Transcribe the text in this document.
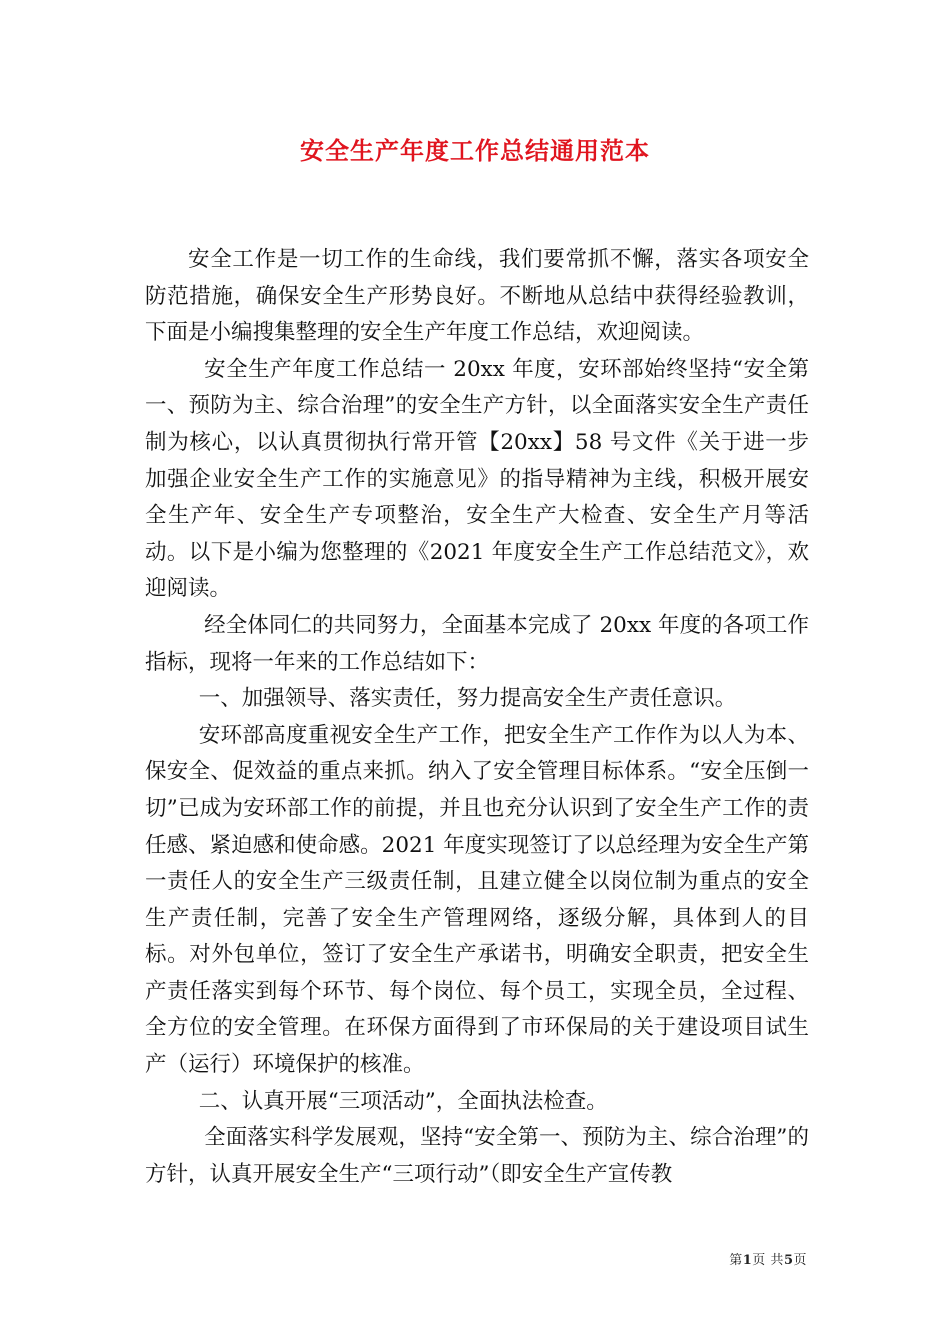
安全生产年度工作总结通用范本

安全工作是一切工作的生命线，我们要常抓不懈，落实各项安全防范措施，确保安全生产形势良好。不断地从总结中获得经验教训，下面是小编搜集整理的安全生产年度工作总结，欢迎阅读。

安全生产年度工作总结一 20xx 年度，安环部始终坚持“安全第一、预防为主、综合治理”的安全生产方针，以全面落实安全生产责任制为核心，以认真贯彻执行常开管【20xx】58 号文件《关于进一步加强企业安全生产工作的实施意见》的指导精神为主线，积极开展安全生产年、安全生产专项整治，安全生产大检查、安全生产月等活动。以下是小编为您整理的《2021 年度安全生产工作总结范文》，欢迎阅读。

经全体同仁的共同努力，全面基本完成了 20xx 年度的各项工作指标，现将一年来的工作总结如下：

一、加强领导、落实责任，努力提高安全生产责任意识。

安环部高度重视安全生产工作，把安全生产工作作为以人为本、保安全、促效益的重点来抓。纳入了安全管理目标体系。“安全压倒一切”已成为安环部工作的前提，并且也充分认识到了安全生产工作的责任感、紧迫感和使命感。2021 年度实现签订了以总经理为安全生产第一责任人的安全生产三级责任制，且建立健全以岗位制为重点的安全生产责任制，完善了安全生产管理网络，逐级分解，具体到人的目标。对外包单位，签订了安全生产承诺书，明确安全职责，把安全生产责任落实到每个环节、每个岗位、每个员工，实现全员，全过程、全方位的安全管理。在环保方面得到了市环保局的关于建设项目试生产（运行）环境保护的核准。

二、认真开展“三项活动”，全面执法检查。

全面落实科学发展观，坚持“安全第一、预防为主、综合治理”的方针，认真开展安全生产“三项行动”（即安全生产宣传教

第1页 共5页
